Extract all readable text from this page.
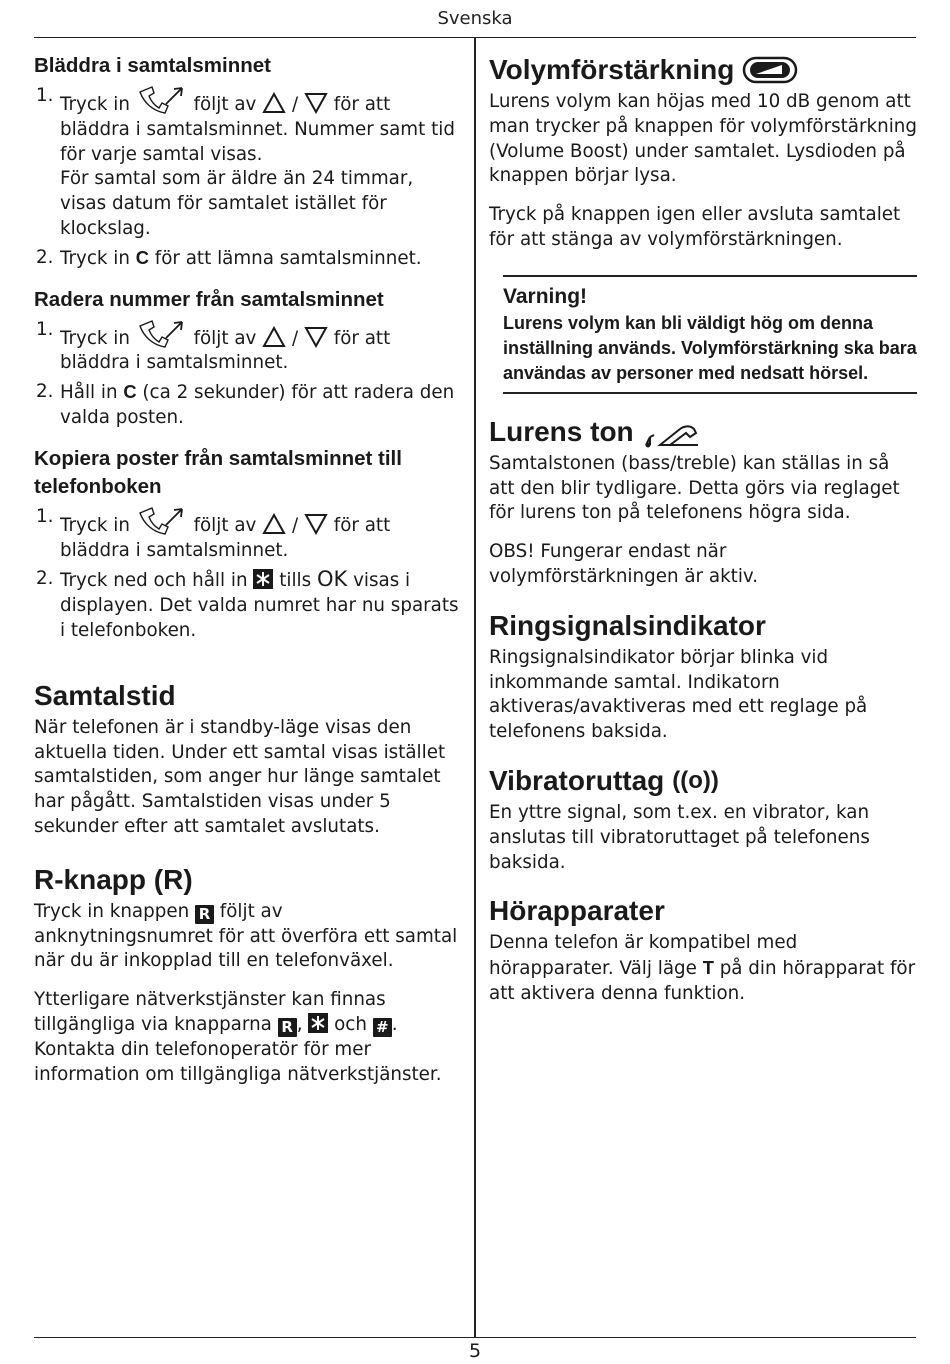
Svenska
Bläddra i samtalsminnet
1. Tryck in	följt av / för att bläddra i samtalsminnet. Nummer samt tid för varje samtal visas.
För samtal som är äldre än 24 timmar, visas datum för samtalet istället för klockslag.
2. Tryck in C för att lämna samtalsminnet.
Radera nummer från samtalsminnet
1. Tryck in	följt av / för att bläddra i samtalsminnet.
2. Håll in C (ca 2 sekunder) för att radera den valda posten.
Kopiera poster från samtalsminnet till telefonboken
1. Tryck in	följt av / för att bläddra i samtalsminnet.
2. Tryck ned och håll in tills OK visas i displayen. Det valda numret har nu sparats i telefonboken.
Samtalstid

När telefonen är i standby-läge visas den aktuella tiden. Under ett samtal visas istället samtalstiden, som anger hur länge samtalet har pågått. Samtalstiden visas under 5 sekunder efter att samtalet avslutats.

R-knapp (R)

Tryck in knappen R följt av anknytningsnumret för att överföra ett samtal när du är inkopplad till en telefonväxel.

Ytterligare nätverkstjänster kan finnas tillgängliga via knapparna R , och # . Kontakta din telefonoperatör för mer information om tillgängliga nätverkstjänster.

Volymförstärkning

Lurens volym kan höjas med 10 dB genom att man trycker på knappen för volymförstärkning (Volume Boost) under samtalet. Lysdioden på knappen börjar lysa.

Tryck på knappen igen eller avsluta samtalet för att stänga av volymförstärkningen.

Varning!
Lurens volym kan bli väldigt hög om denna inställning används. Volymförstärkning ska bara användas av personer med nedsatt hörsel.
Lurens ton

Samtalstonen (bass/treble) kan ställas in så att den blir tydligare. Detta görs via reglaget för lurens ton på telefonens högra sida.

OBS! Fungerar endast när volymförstärkningen är aktiv.

Ringsignalsindikator

Ringsignalsindikator börjar blinka vid inkommande samtal. Indikatorn aktiveras/avaktiveras med ett reglage på telefonens baksida.

Vibratoruttag ((o))

En yttre signal, som t.ex. en vibrator, kan anslutas till vibratoruttaget på telefonens baksida.

Hörapparater

Denna telefon är kompatibel med hörapparater. Välj läge T på din hörapparat för att aktivera denna funktion.

5
